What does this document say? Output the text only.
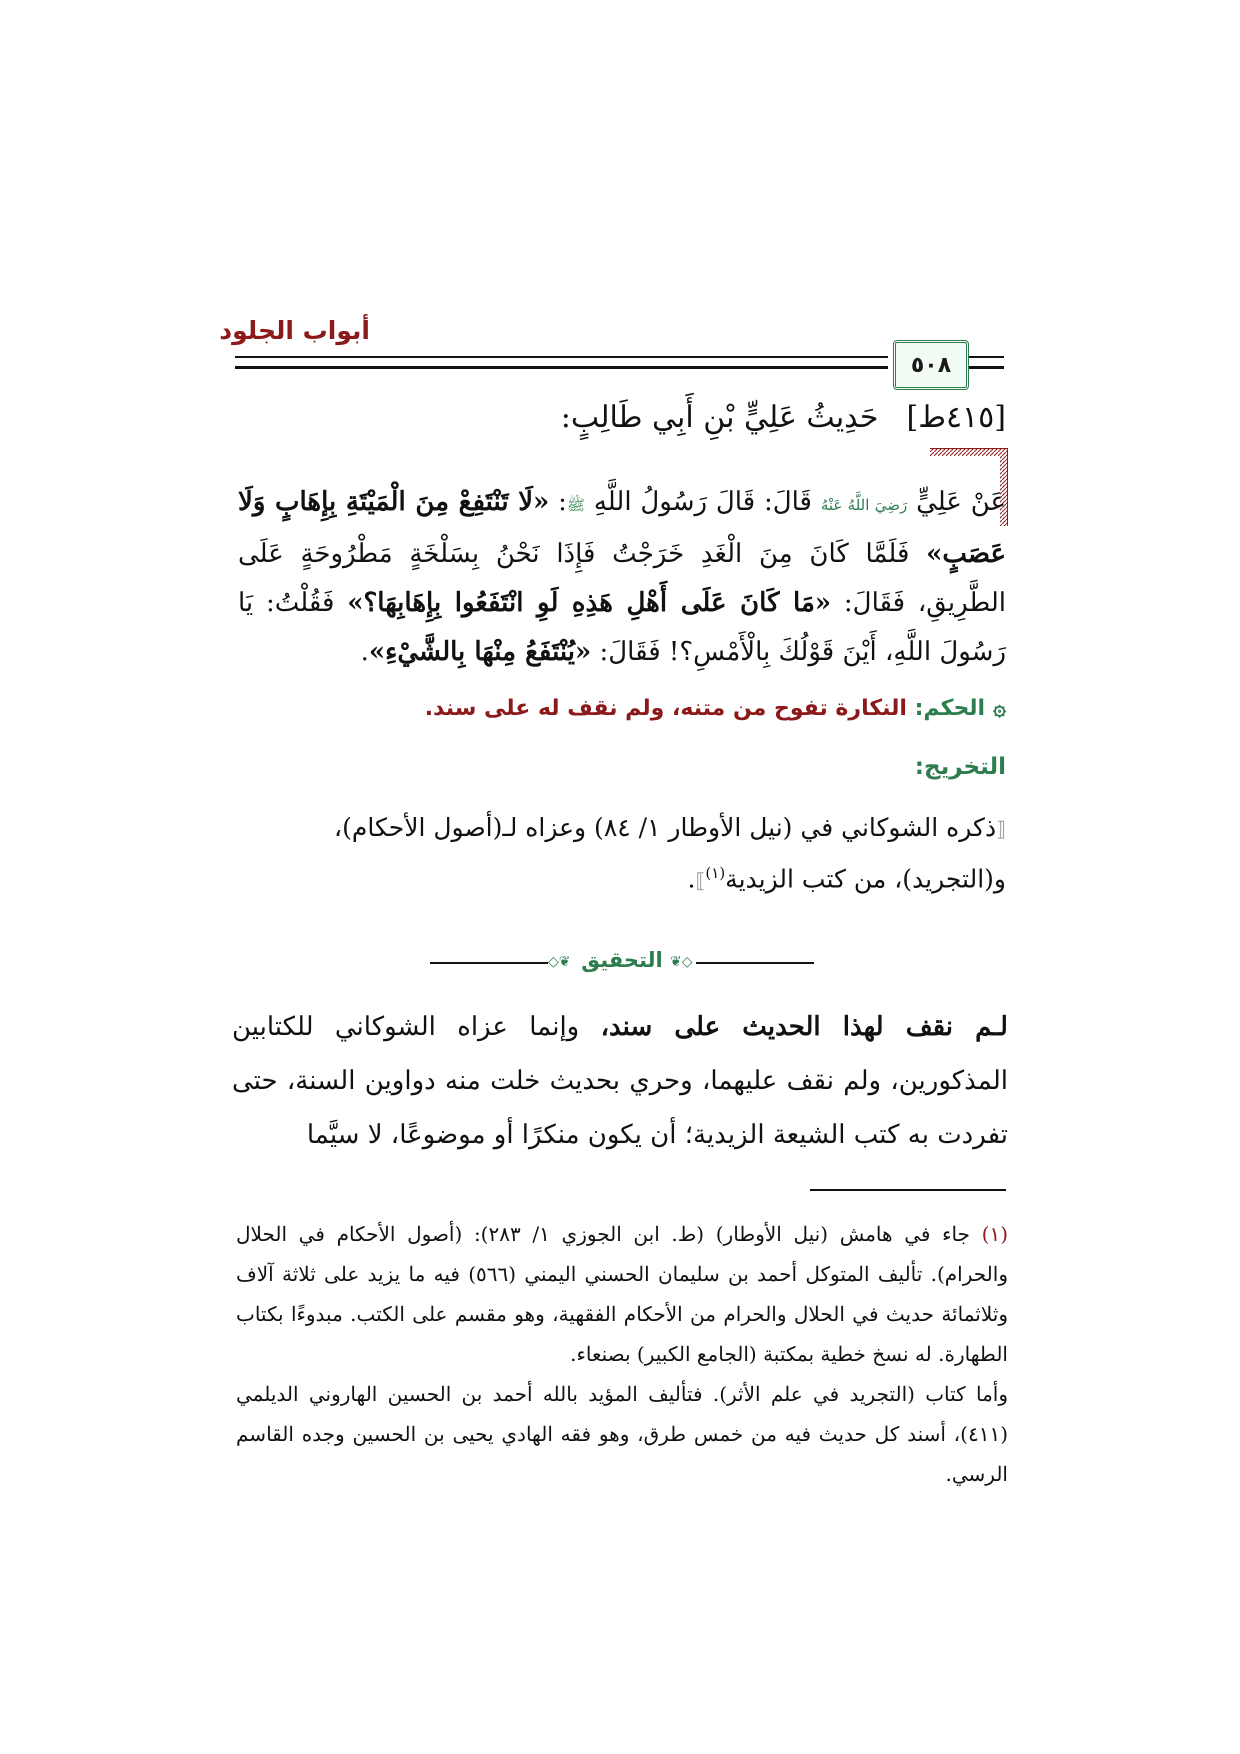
أبواب الجلود
٥٠٨
[٤١٥ط]حَدِيثُ عَلِيٍّ بْنِ أَبِي طَالِبٍ:
عَنْ عَلِيٍّ رَضِيَ اللَّهُ عَنْهُ قَالَ: قَالَ رَسُولُ اللَّهِ ﷺ: «لَا تَنْتَفِعْ مِنَ الْمَيْتَةِ بِإِهَابٍ وَلَا عَصَبٍ» فَلَمَّا كَانَ مِنَ الْغَدِ خَرَجْتُ فَإِذَا نَحْنُ بِسَلْخَةٍ مَطْرُوحَةٍ عَلَى الطَّرِيقِ، فَقَالَ: «مَا كَانَ عَلَى أَهْلِ هَذِهِ لَوِ انْتَفَعُوا بِإِهَابِهَا؟» فَقُلْتُ: يَا رَسُولَ اللَّهِ، أَيْنَ قَوْلُكَ بِالْأَمْسِ؟! فَقَالَ: «يُنْتَفَعُ مِنْهَا بِالشَّيْءِ».
۞الحكم: النكارة تفوح من متنه، ولم نقف له على سند.
التخريج:
⟦ذكره الشوكاني في (نيل الأوطار ١/ ٨٤) وعزاه لـ(أصول الأحكام)، و(التجريد)، من كتب الزيدية$^{(١)}$⟧.
◇❦ التحقيق ❦◇
لـم نقف لهذا الحديث على سند، وإنما عزاه الشوكاني للكتابين المذكورين، ولم نقف عليهما، وحري بحديث خلت منه دواوين السنة، حتى تفردت به كتب الشيعة الزيدية؛ أن يكون منكرًا أو موضوعًا، لا سيَّما

(١) جاء في هامش (نيل الأوطار) (ط. ابن الجوزي ١/ ٢٨٣): (أصول الأحكام في الحلال والحرام). تأليف المتوكل أحمد بن سليمان الحسني اليمني (٥٦٦) فيه ما يزيد على ثلاثة آلاف وثلاثمائة حديث في الحلال والحرام من الأحكام الفقهية، وهو مقسم على الكتب. مبدوءًا بكتاب الطهارة. له نسخ خطية بمكتبة (الجامع الكبير) بصنعاء.

وأما كتاب (التجريد في علم الأثر). فتأليف المؤيد بالله أحمد بن الحسين الهاروني الديلمي (٤١١)، أسند كل حديث فيه من خمس طرق، وهو فقه الهادي يحيى بن الحسين وجده القاسم الرسي.
